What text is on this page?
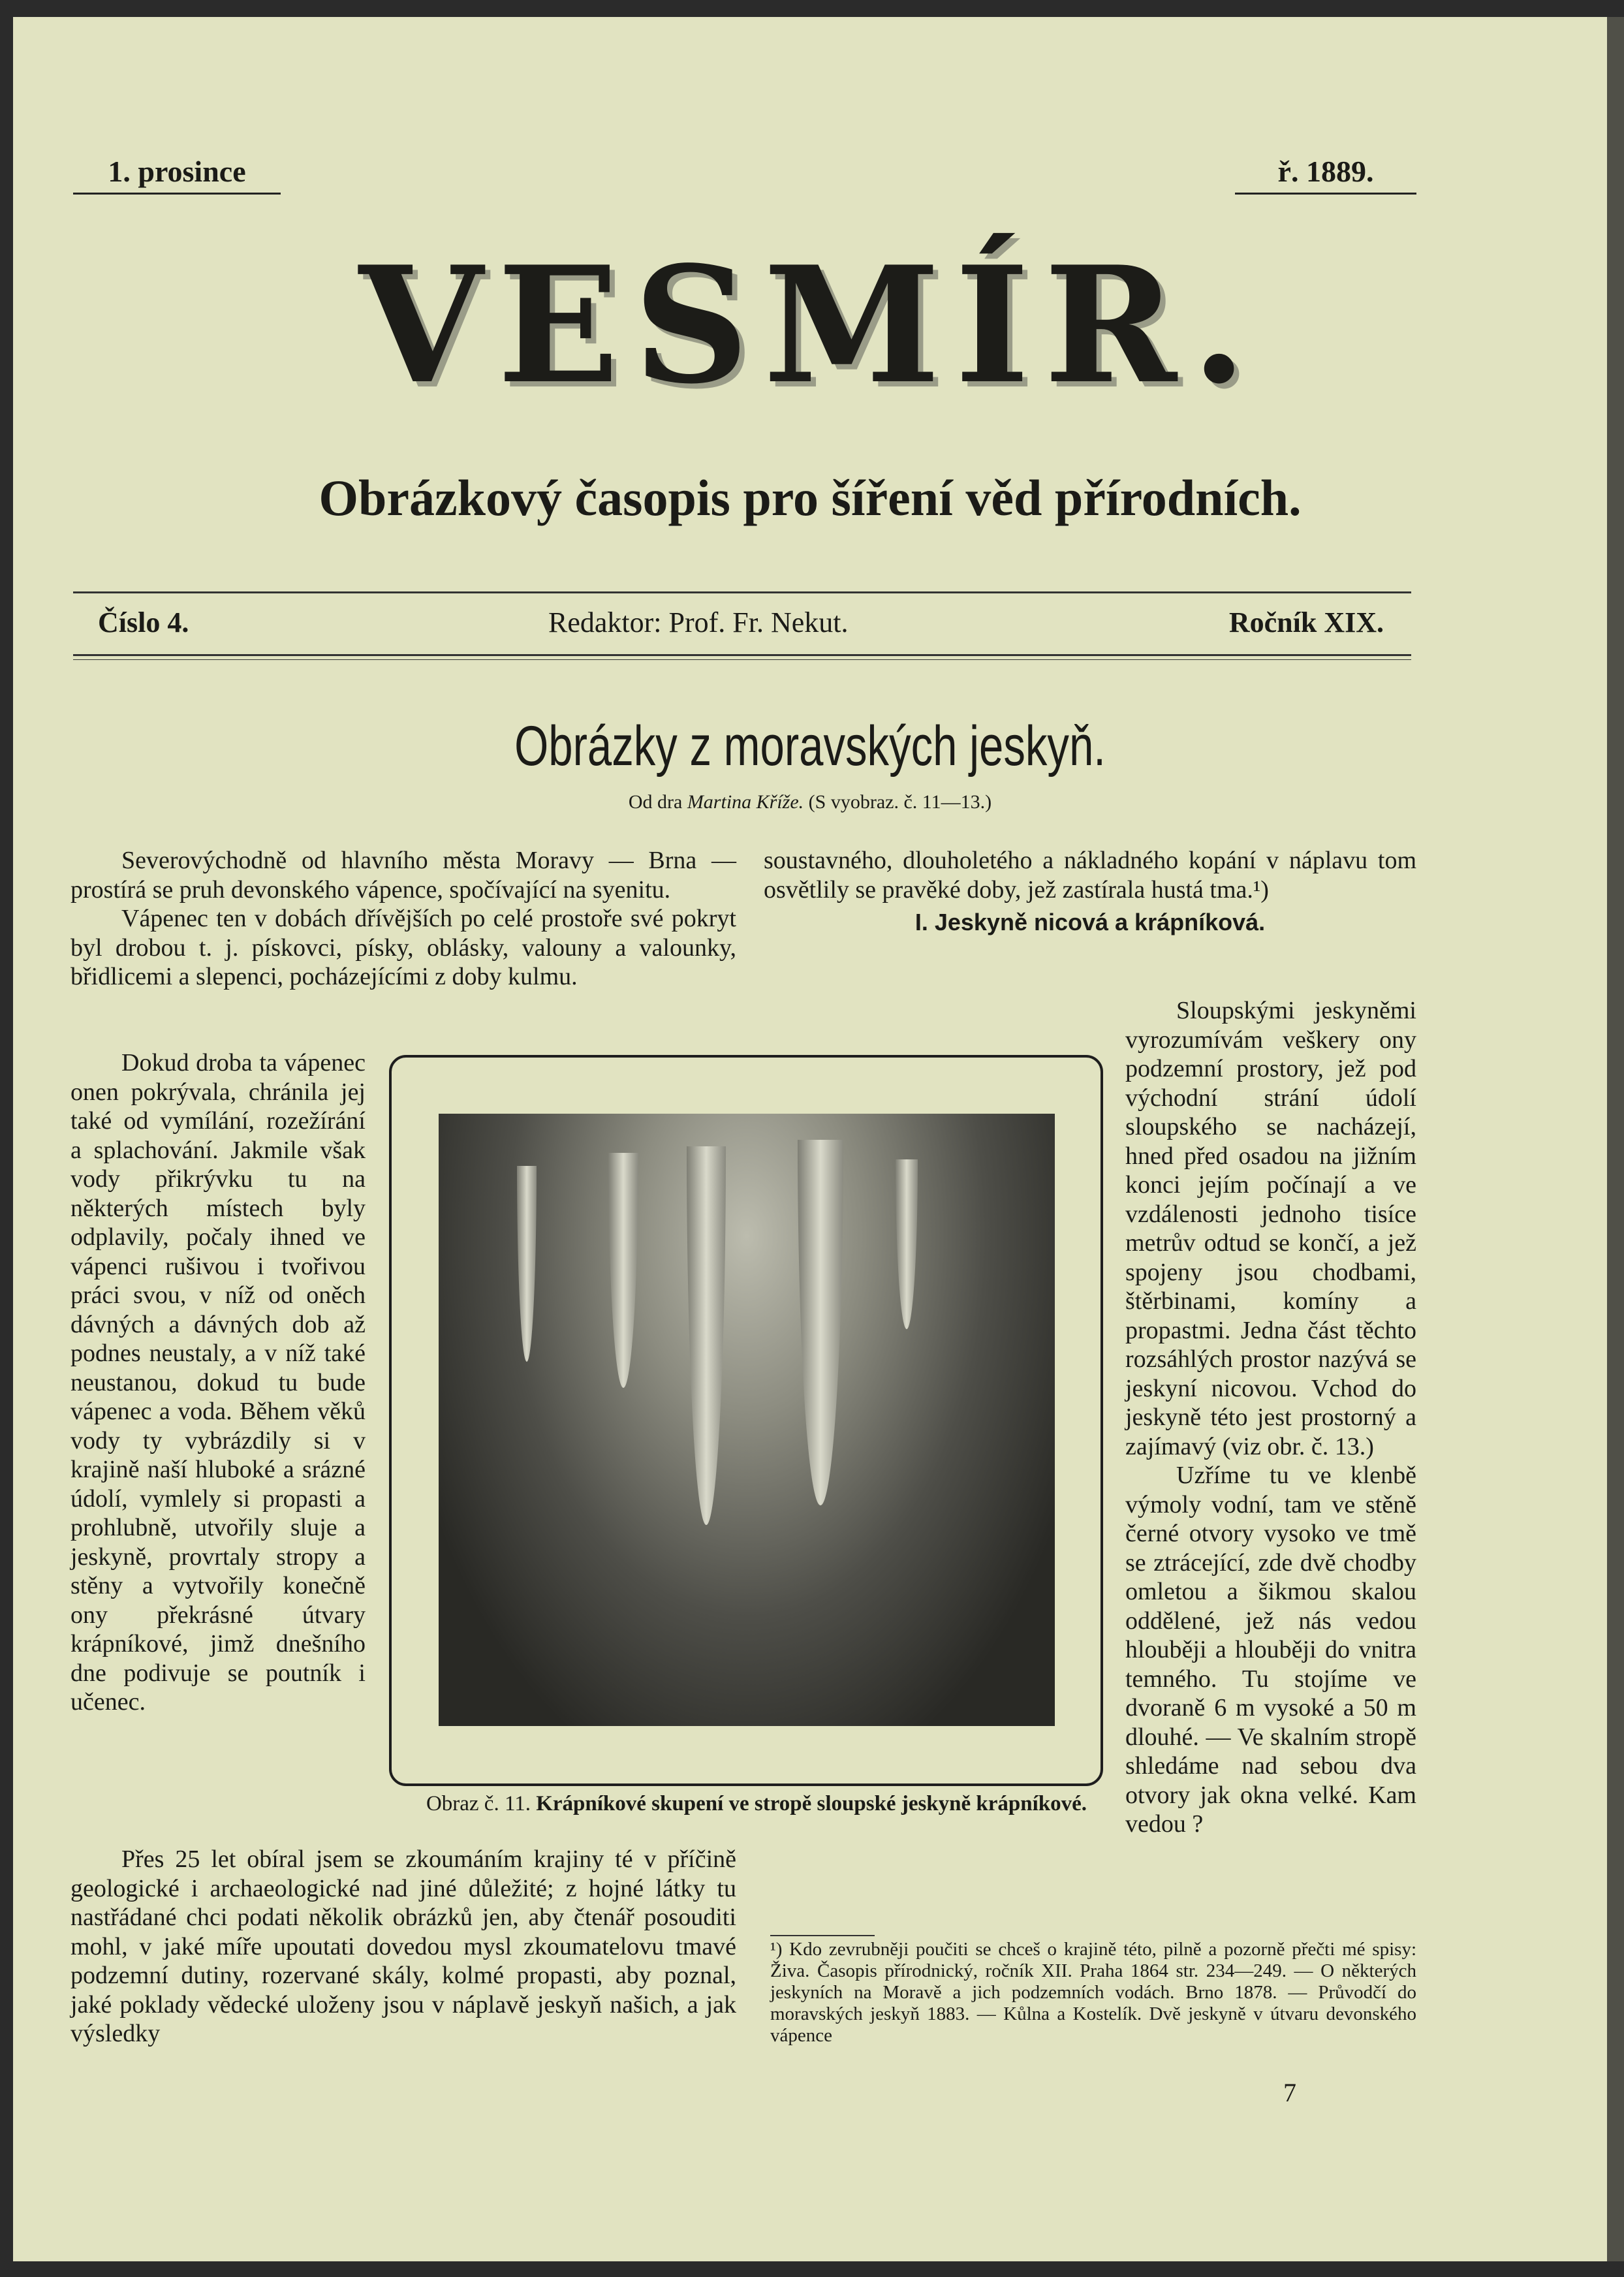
1. prosince	ř. 1889.
VESMÍR.
Obrázkový časopis pro šíření věd přírodních.
Číslo 4.	Redaktor: Prof. Fr. Nekut.	Ročník XIX.
Obrázky z moravských jeskyň.
Od dra Martina Kříže. (S vyobraz. č. 11—13.)

Severovýchodně od hlavního města Moravy — Brna — prostírá se pruh devonského vápence, spočívající na syenitu.

Vápenec ten v dobách dřívějších po celé prostoře své pokryt byl drobou t. j. pískovci, písky, oblásky, valouny a valounky, břidlicemi a slepenci, pocházejícími z doby kulmu.

Dokud droba ta vápenec onen pokrývala, chránila jej také od vymílání, rozežírání a splachování. Jakmile však vody přikrývku tu na některých místech byly odplavily, počaly ihned ve vápenci rušivou i tvořivou práci svou, v níž od oněch dávných a dávných dob až podnes neustaly, a v níž také neustanou, dokud tu bude vápenec a voda. Během věků vody ty vybrázdily si v krajině naší hluboké a srázné údolí, vymlely si propasti a prohlubně, utvořily sluje a jeskyně, provrtaly stropy a stěny a vytvořily konečně ony překrásné útvary krápníkové, jimž dnešního dne podivuje se poutník i učenec.

Přes 25 let obíral jsem se zkoumáním krajiny té v příčině geologické i archaeologické nad jiné důležité; z hojné látky tu nastřádané chci podati několik obrázků jen, aby čtenář posouditi mohl, v jaké míře upoutati dovedou mysl zkoumatelovu tmavé podzemní dutiny, rozervané skály, kolmé propasti, aby poznal, jaké poklady vědecké uloženy jsou v náplavě jeskyň našich, a jak výsledky

soustavného, dlouholetého a nákladného kopání v náplavu tom osvětlily se pravěké doby, jež zastírala hustá tma.¹)

I. Jeskyně nicová a krápníková.

Sloupskými jeskyněmi vyrozumívám veškery ony podzemní prostory, jež pod východní strání údolí sloupského se nacházejí, hned před osadou na jižním konci jejím počínají a ve vzdálenosti jednoho tisíce metrův odtud se končí, a jež spojeny jsou chodbami, štěrbinami, komíny a propastmi. Jedna část těchto rozsáhlých prostor nazývá se jeskyní nicovou. Vchod do jeskyně této jest prostorný a zajímavý (viz obr. č. 13.)

Uzříme tu ve klenbě výmoly vodní, tam ve stěně černé otvory vysoko ve tmě se ztrácející, zde dvě chodby omletou a šikmou skalou oddělené, jež nás vedou hlouběji a hlouběji do vnitra temného. Tu stojíme ve dvoraně 6 m vysoké a 50 m dlouhé. — Ve skalním stropě shledáme nad sebou dva otvory jak okna velké. Kam vedou ?

Obraz č. 11. Krápníkové skupení ve stropě sloupské jeskyně krápníkové.
¹) Kdo zevrubněji poučiti se chceš o krajině této, pilně a pozorně přečti mé spisy: Živa. Časopis přírodnický, ročník XII. Praha 1864 str. 234—249. — O některých jeskyních na Moravě a jich podzemních vodách. Brno 1878. — Průvodčí do moravských jeskyň 1883. — Kůlna a Kostelík. Dvě jeskyně v útvaru devonského vápence
7
